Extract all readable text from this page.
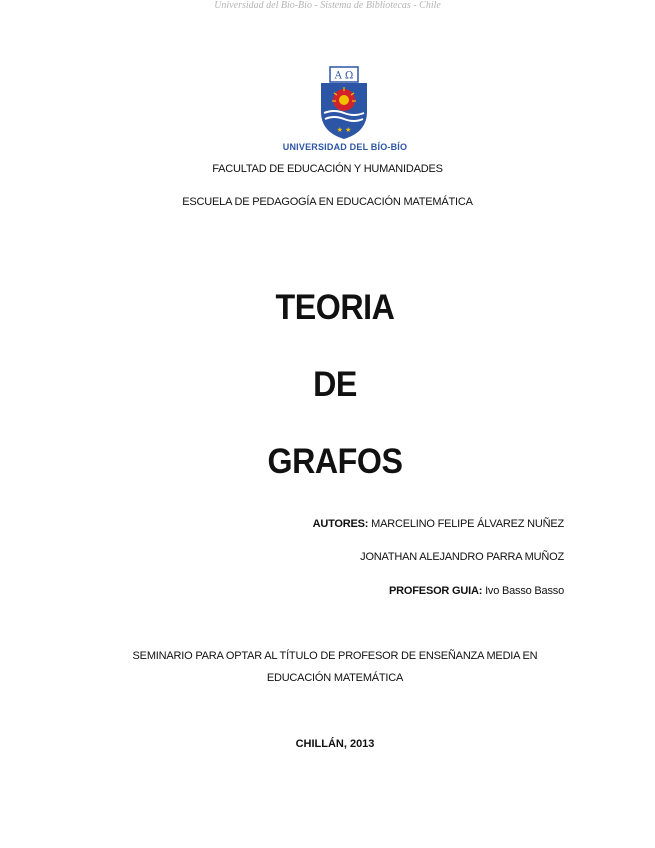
Universidad del Bío-Bío - Sistema de Bibliotecas - Chile
Α Ω
★ ★
UNIVERSIDAD DEL BÍO-BÍO
FACULTAD DE EDUCACIÓN Y HUMANIDADES
ESCUELA DE PEDAGOGÍA EN EDUCACIÓN MATEMÁTICA
TEORIA
DE
GRAFOS
AUTORES: MARCELINO FELIPE ÁLVAREZ NUÑEZ
JONATHAN ALEJANDRO PARRA MUÑOZ
PROFESOR GUIA: Ivo Basso Basso
SEMINARIO PARA OPTAR AL TÍTULO DE PROFESOR DE ENSEÑANZA MEDIA EN
EDUCACIÓN MATEMÁTICA
CHILLÁN, 2013
